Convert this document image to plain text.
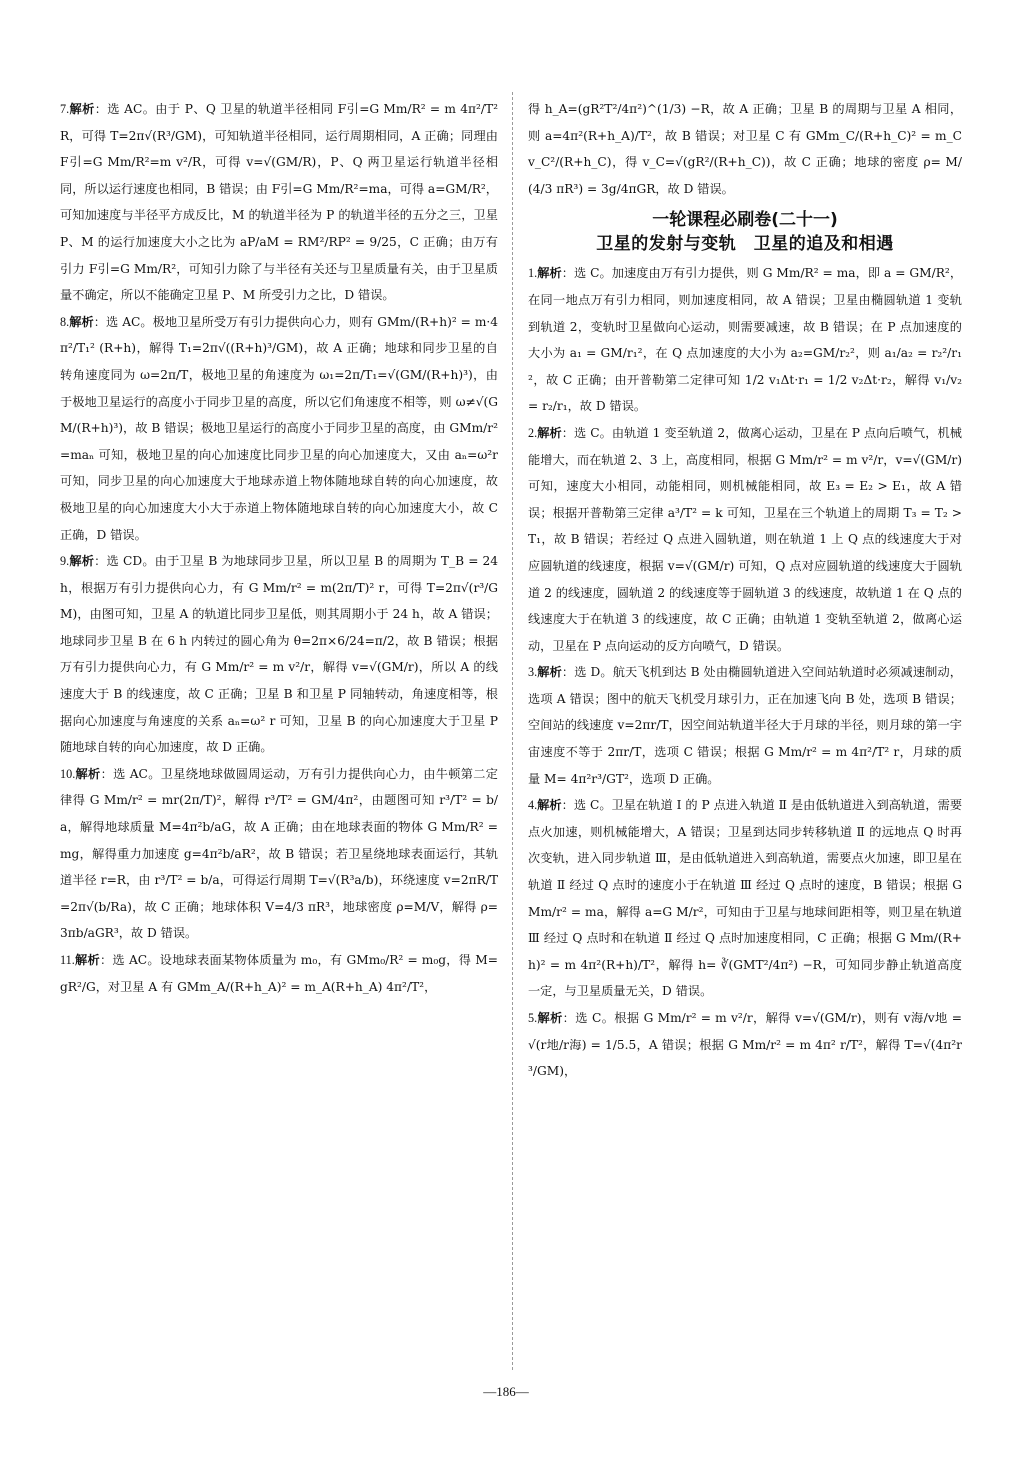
7.解析：选 AC。由于 P、Q 卫星的轨道半径相同 F引=G Mm/R² = m 4π²/T² R，可得 T=2π√(R³/GM)，可知轨道半径相同，运行周期相同，A 正确；同理由 F引=G Mm/R²=m v²/R，可得 v=√(GM/R)，P、Q 两卫星运行轨道半径相同，所以运行速度也相同，B 错误；由 F引=G Mm/R²=ma，可得 a=GM/R²，可知加速度与半径平方成反比，M 的轨道半径为 P 的轨道半径的五分之三，卫星 P、M 的运行加速度大小之比为 aP/aM = RM²/RP² = 9/25，C 正确；由万有引力 F引=G Mm/R²，可知引力除了与半径有关还与卫星质量有关，由于卫星质量不确定，所以不能确定卫星 P、M 所受引力之比，D 错误。

8.解析：选 AC。极地卫星所受万有引力提供向心力，则有 GMm/(R+h)² = m·4π²/T₁² (R+h)，解得 T₁=2π√((R+h)³/GM)，故 A 正确；地球和同步卫星的自转角速度同为 ω=2π/T，极地卫星的角速度为 ω₁=2π/T₁=√(GM/(R+h)³)，由于极地卫星运行的高度小于同步卫星的高度，所以它们角速度不相等，则 ω≠√(GM/(R+h)³)，故 B 错误；极地卫星运行的高度小于同步卫星的高度，由 GMm/r²=maₙ 可知，极地卫星的向心加速度比同步卫星的向心加速度大，又由 aₙ=ω²r 可知，同步卫星的向心加速度大于地球赤道上物体随地球自转的向心加速度，故极地卫星的向心加速度大小大于赤道上物体随地球自转的向心加速度大小，故 C 正确，D 错误。

9.解析：选 CD。由于卫星 B 为地球同步卫星，所以卫星 B 的周期为 T_B = 24 h，根据万有引力提供向心力，有 G Mm/r² = m(2π/T)² r，可得 T=2π√(r³/GM)，由图可知，卫星 A 的轨道比同步卫星低，则其周期小于 24 h，故 A 错误；地球同步卫星 B 在 6 h 内转过的圆心角为 θ=2π×6/24=π/2，故 B 错误；根据万有引力提供向心力，有 G Mm/r² = m v²/r，解得 v=√(GM/r)，所以 A 的线速度大于 B 的线速度，故 C 正确；卫星 B 和卫星 P 同轴转动，角速度相等，根据向心加速度与角速度的关系 aₙ=ω² r 可知，卫星 B 的向心加速度大于卫星 P 随地球自转的向心加速度，故 D 正确。

10.解析：选 AC。卫星绕地球做圆周运动，万有引力提供向心力，由牛顿第二定律得 G Mm/r² = mr(2π/T)²，解得 r³/T² = GM/4π²，由题图可知 r³/T² = b/a，解得地球质量 M=4π²b/aG，故 A 正确；由在地球表面的物体 G Mm/R² = mg，解得重力加速度 g=4π²b/aR²，故 B 错误；若卫星绕地球表面运行，其轨道半径 r=R，由 r³/T² = b/a，可得运行周期 T=√(R³a/b)，环绕速度 v=2πR/T=2π√(b/Ra)，故 C 正确；地球体积 V=4/3 πR³，地球密度 ρ=M/V，解得 ρ=3πb/aGR³，故 D 错误。

11.解析：选 AC。设地球表面某物体质量为 m₀，有 GMm₀/R² = m₀g，得 M=gR²/G，对卫星 A 有 GMm_A/(R+h_A)² = m_A(R+h_A) 4π²/T²，

得 h_A=(gR²T²/4π²)^(1/3) −R，故 A 正确；卫星 B 的周期与卫星 A 相同，则 a=4π²(R+h_A)/T²，故 B 错误；对卫星 C 有 GMm_C/(R+h_C)² = m_C v_C²/(R+h_C)，得 v_C=√(gR²/(R+h_C))，故 C 正确；地球的密度 ρ= M/(4/3 πR³) = 3g/4πGR，故 D 错误。

一轮课程必刷卷(二十一)
卫星的发射与变轨　卫星的追及和相遇

1.解析：选 C。加速度由万有引力提供，则 G Mm/R² = ma，即 a = GM/R²，在同一地点万有引力相同，则加速度相同，故 A 错误；卫星由椭圆轨道 1 变轨到轨道 2，变轨时卫星做向心运动，则需要减速，故 B 错误；在 P 点加速度的大小为 a₁ = GM/r₁²，在 Q 点加速度的大小为 a₂=GM/r₂²，则 a₁/a₂ = r₂²/r₁²，故 C 正确；由开普勒第二定律可知 1/2 v₁Δt·r₁ = 1/2 v₂Δt·r₂，解得 v₁/v₂ = r₂/r₁，故 D 错误。

2.解析：选 C。由轨道 1 变至轨道 2，做离心运动，卫星在 P 点向后喷气，机械能增大，而在轨道 2、3 上，高度相同，根据 G Mm/r² = m v²/r，v=√(GM/r) 可知，速度大小相同，动能相同，则机械能相同，故 E₃ = E₂ > E₁，故 A 错误；根据开普勒第三定律 a³/T² = k 可知，卫星在三个轨道上的周期 T₃ = T₂ > T₁，故 B 错误；若经过 Q 点进入圆轨道，则在轨道 1 上 Q 点的线速度大于对应圆轨道的线速度，根据 v=√(GM/r) 可知，Q 点对应圆轨道的线速度大于圆轨道 2 的线速度，圆轨道 2 的线速度等于圆轨道 3 的线速度，故轨道 1 在 Q 点的线速度大于在轨道 3 的线速度，故 C 正确；由轨道 1 变轨至轨道 2，做离心运动，卫星在 P 点向运动的反方向喷气，D 错误。

3.解析：选 D。航天飞机到达 B 处由椭圆轨道进入空间站轨道时必须减速制动，选项 A 错误；图中的航天飞机受月球引力，正在加速飞向 B 处，选项 B 错误；空间站的线速度 v=2πr/T，因空间站轨道半径大于月球的半径，则月球的第一宇宙速度不等于 2πr/T，选项 C 错误；根据 G Mm/r² = m 4π²/T² r，月球的质量 M= 4π²r³/GT²，选项 D 正确。

4.解析：选 C。卫星在轨道 Ⅰ 的 P 点进入轨道 Ⅱ 是由低轨道进入到高轨道，需要点火加速，则机械能增大，A 错误；卫星到达同步转移轨道 Ⅱ 的远地点 Q 时再次变轨，进入同步轨道 Ⅲ，是由低轨道进入到高轨道，需要点火加速，即卫星在轨道 Ⅱ 经过 Q 点时的速度小于在轨道 Ⅲ 经过 Q 点时的速度，B 错误；根据 G Mm/r² = ma，解得 a=G M/r²，可知由于卫星与地球间距相等，则卫星在轨道 Ⅲ 经过 Q 点时和在轨道 Ⅱ 经过 Q 点时加速度相同，C 正确；根据 G Mm/(R+h)² = m 4π²(R+h)/T²，解得 h= ∛(GMT²/4π²) −R，可知同步静止轨道高度一定，与卫星质量无关，D 错误。

5.解析：选 C。根据 G Mm/r² = m v²/r，解得 v=√(GM/r)，则有 v海/v地 = √(r地/r海) = 1/5.5，A 错误；根据 G Mm/r² = m 4π² r/T²，解得 T=√(4π²r³/GM)，

—186—
